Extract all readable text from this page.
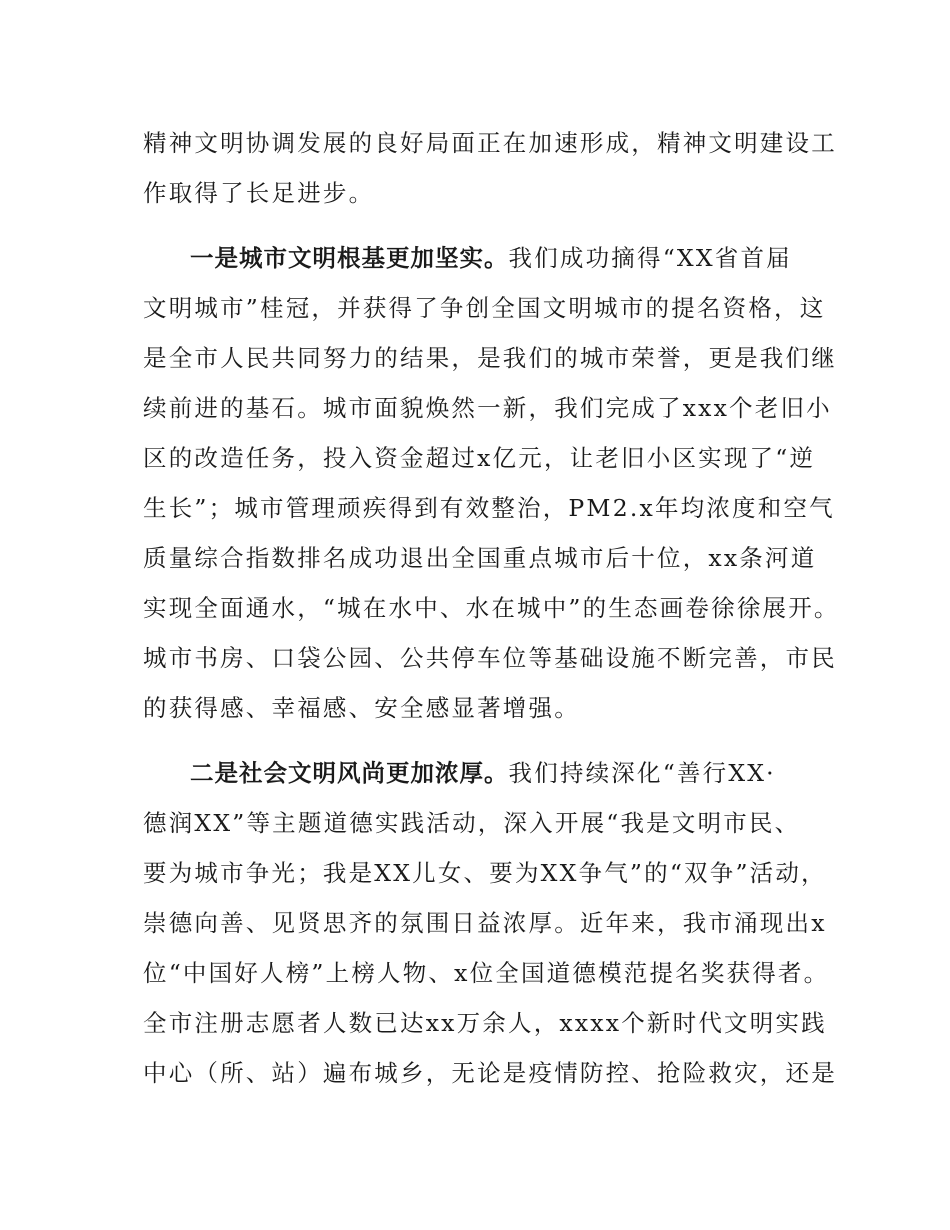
精神文明协调发展的良好局面正在加速形成，精神文明建设工
作取得了长足进步。
一是城市文明根基更加坚实。我们成功摘得“XX省首届
文明城市”桂冠，并获得了争创全国文明城市的提名资格，这
是全市人民共同努力的结果，是我们的城市荣誉，更是我们继
续前进的基石。城市面貌焕然一新，我们完成了xxx个老旧小
区的改造任务，投入资金超过x亿元，让老旧小区实现了“逆
生长”；城市管理顽疾得到有效整治，PM2.x年均浓度和空气
质量综合指数排名成功退出全国重点城市后十位，xx条河道
实现全面通水，“城在水中、水在城中”的生态画卷徐徐展开。
城市书房、口袋公园、公共停车位等基础设施不断完善，市民
的获得感、幸福感、安全感显著增强。
二是社会文明风尚更加浓厚。我们持续深化“善行XX·
德润XX”等主题道德实践活动，深入开展“我是文明市民、
要为城市争光；我是XX儿女、要为XX争气”的“双争”活动，
崇德向善、见贤思齐的氛围日益浓厚。近年来，我市涌现出x
位“中国好人榜”上榜人物、x位全国道德模范提名奖获得者。
全市注册志愿者人数已达xx万余人，xxxx个新时代文明实践
中心（所、站）遍布城乡，无论是疫情防控、抢险救灾，还是
